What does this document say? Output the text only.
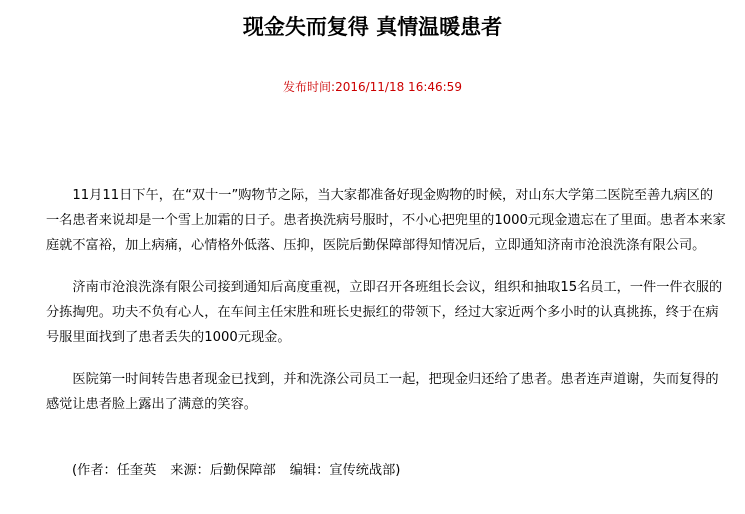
现金失而复得 真情温暖患者
发布时间:2016/11/18 16:46:59

11月11日下午，在“双十一”购物节之际，当大家都准备好现金购物的时候，对山东大学第二医院至善九病区的一名患者来说却是一个雪上加霜的日子。患者换洗病号服时，不小心把兜里的1000元现金遗忘在了里面。患者本来家庭就不富裕，加上病痛，心情格外低落、压抑，医院后勤保障部得知情况后，立即通知济南市沧浪洗涤有限公司。

济南市沧浪洗涤有限公司接到通知后高度重视，立即召开各班组长会议，组织和抽取15名员工，一件一件衣服的分拣掏兜。功夫不负有心人，在车间主任宋胜和班长史振红的带领下，经过大家近两个多小时的认真挑拣，终于在病号服里面找到了患者丢失的1000元现金。

医院第一时间转告患者现金已找到，并和洗涤公司员工一起，把现金归还给了患者。患者连声道谢，失而复得的感觉让患者脸上露出了满意的笑容。

(作者：任奎英 来源：后勤保障部 编辑：宣传统战部)
